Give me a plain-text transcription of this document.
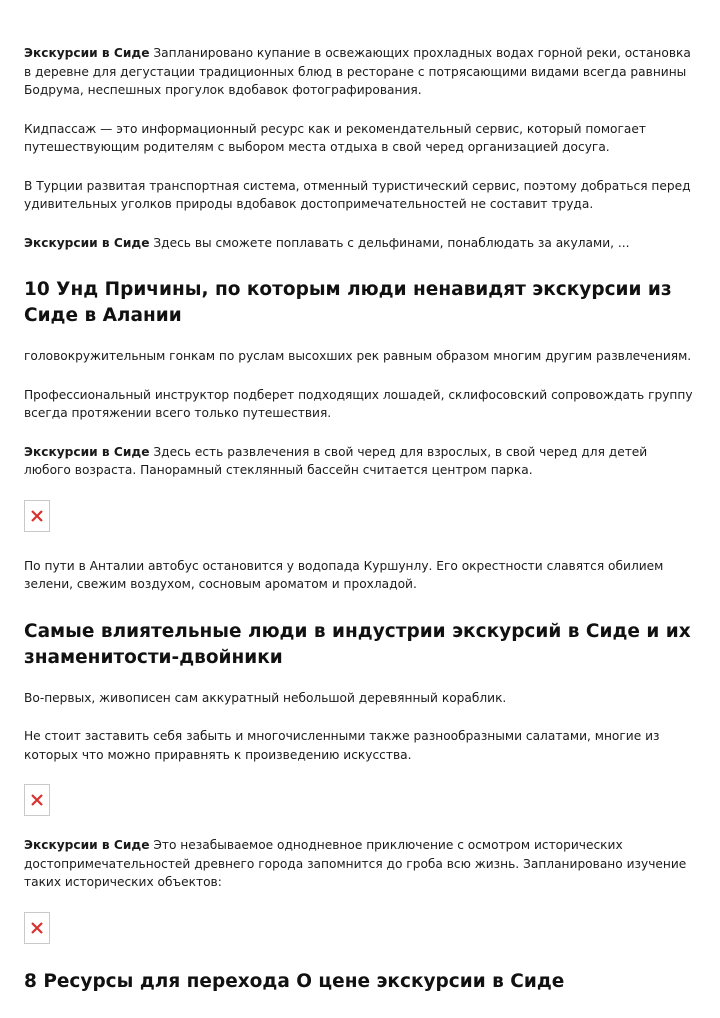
Экскурсии в Сиде Запланировано купание в освежающих прохладных водах горной реки, остановка в деревне для дегустации традиционных блюд в ресторане с потрясающими видами всегда равнины Бодрума, неспешных прогулок вдобавок фотографирования.

Кидпассаж — это информационный ресурс как и рекомендательный сервис, который помогает путешествующим родителям с выбором места отдыха в свой черед организацией досуга.

В Турции развитая транспортная система, отменный туристический сервис, поэтому добраться перед удивительных уголков природы вдобавок достопримечательностей не составит труда.

Экскурсии в Сиде Здесь вы сможете поплавать с дельфинами, понаблюдать за акулами, ...

10 Унд Причины, по которым люди ненавидят экскурсии из Сиде в Алании

головокружительным гонкам по руслам высохших рек равным образом многим другим развлечениям.

Профессиональный инструктор подберет подходящих лошадей, склифосовский сопровождать группу всегда протяжении всего только путешествия.

Экскурсии в Сиде Здесь есть развлечения в свой черед для взрослых, в свой черед для детей любого возраста. Панорамный стеклянный бассейн считается центром парка.

По пути в Анталии автобус остановится у водопада Куршунлу. Его окрестности славятся обилием зелени, свежим воздухом, сосновым ароматом и прохладой.

Самые влиятельные люди в индустрии экскурсий в Сиде и их знаменитости-двойники

Во-первых, живописен сам аккуратный небольшой деревянный кораблик.

Не стоит заставить себя забыть и многочисленными также разнообразными салатами, многие из которых что можно приравнять к произведению искусства.

Экскурсии в Сиде Это незабываемое однодневное приключение с осмотром исторических достопримечательностей древнего города запомнится до гроба всю жизнь. Запланировано изучение таких исторических объектов:

8 Ресурсы для перехода О цене экскурсии в Сиде
